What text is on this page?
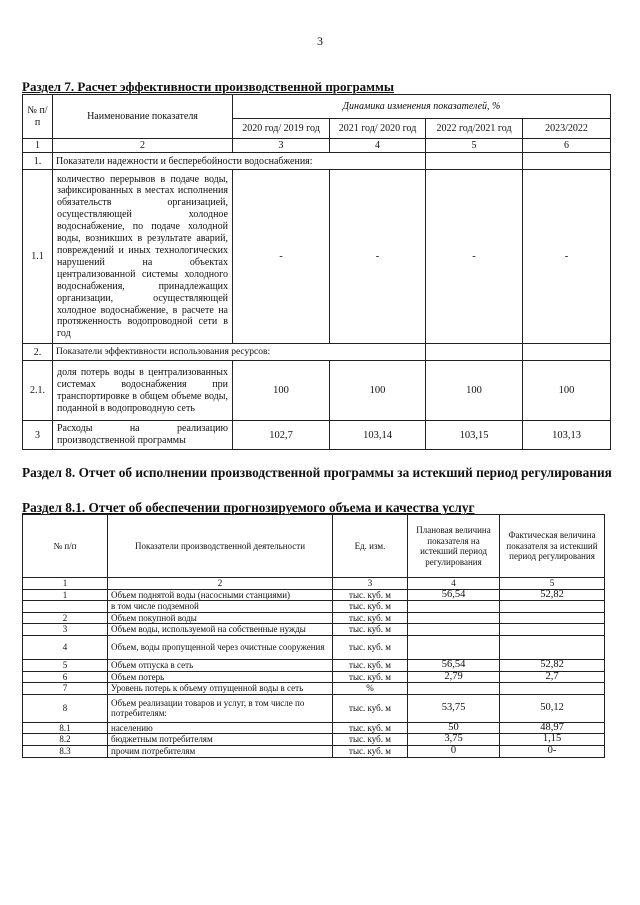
3
Раздел 7. Расчет эффективности производственной программы
№ п/п	Наименование показателя	Динамика изменения показателей, %			
		2020 год/ 2019 год	2021 год/ 2020 год	2022 год/2021 год	2023/2022
1	2	3	4	5	6
1.	Показатели надежности и бесперебойности водоснабжения:				
1.1	количество перерывов в подаче воды, зафиксированных в местах исполнения обязательств организацией, осуществляющей холодное водоснабжение, по подаче холодной воды, возникших в результате аварий, повреждений и иных технологических нарушений на объектах централизованной системы холодного водоснабжения, принадлежащих организации, осуществляющей холодное водоснабжение, в расчете на протяженность водопроводной сети в год	-	-	-	-
2.	Показатели эффективности использования ресурсов:				
2.1.	доля потерь воды в централизованных системах водоснабжения при транспортировке в общем объеме воды, поданной в водопроводную сеть	100	100	100	100
3	Расходы на реализацию производственной программы	102,7	103,14	103,15	103,13
Раздел 8. Отчет об исполнении производственной программы за истекший период регулирования
Раздел 8.1. Отчет об обеспечении прогнозируемого объема и качества услуг
№ п/п	Показатели производственной деятельности	Ед. изм.	Плановая величина показателя на истекший период регулирования	Фактическая величина показателя за истекший период регулирования
1	2	3	4	5
1	Объем поднятой воды (насосными станциями)	тыс. куб. м	56,54	52,82
	в том числе подземной	тыс. куб. м		
2	Объем покупной воды	тыс. куб. м		
3	Объем воды, используемой на собственные нужды	тыс. куб. м		
4	Объем, воды пропущенной через очистные сооружения	тыс. куб. м		
5	Объем отпуска в сеть	тыс. куб. м	56,54	52,82
6	Объем потерь	тыс. куб. м	2,79	2,7
7	Уровень потерь к объему отпущенной воды в сеть	%		
8	Объем реализации товаров и услуг, в том числе по потребителям:	тыс. куб. м	53,75	50,12
8.1	населению	тыс. куб. м	50	48,97
8.2	бюджетным потребителям	тыс. куб. м	3,75	1,15
8.3	прочим потребителям	тыс. куб. м	0	0-
